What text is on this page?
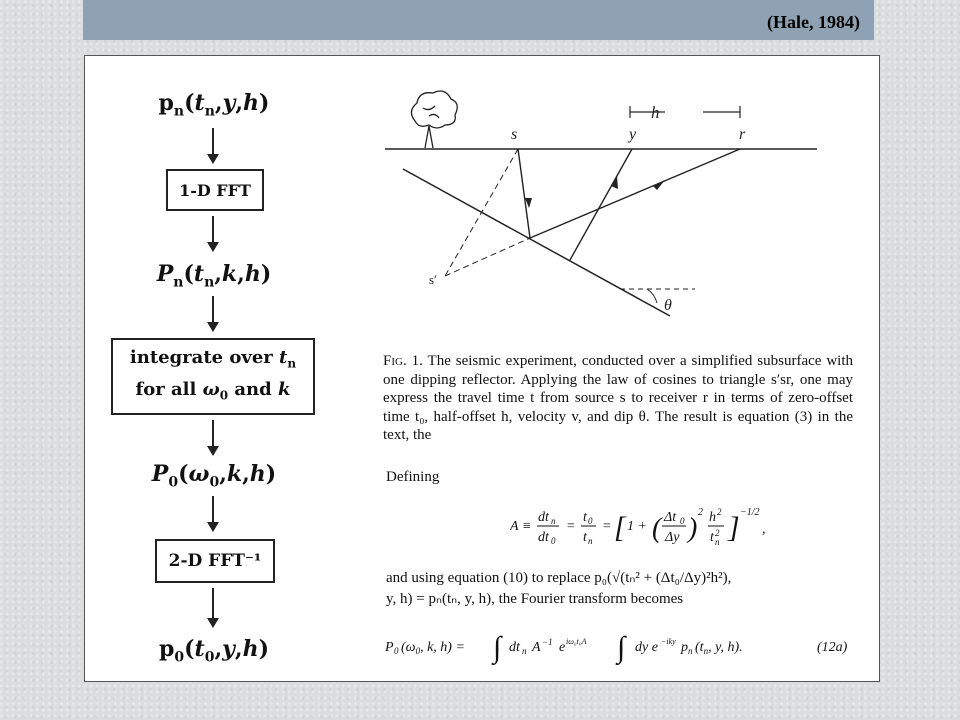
(Hale, 1984)
$p_n(t_n,y,h)$
1-D FFT
$P_n(t_n,k,h)$
integrate over $t_n$
for all $\omega_0$ and k
$P_0(\omega_0,k,h)$
2-D FFT⁻¹
$p_0(t_0,y,h)$
h
s	y	r
s′
θ
Fig. 1. The seismic experiment, conducted over a simplified subsurface with one dipping reflector. Applying the law of cosines to triangle s′sr, one may express the travel time t from source s to receiver r in terms of zero-offset time t₀, half-offset h, velocity v, and dip θ. The result is equation (3) in the text, the
Defining
A ≡
dt n
dt 0
=
t 0
t n
= [ 1 + ( Δt 0
Δy )
2 h 2
t 2
n ] −1/2
,
and using equation (10) to replace p₀(√(tₙ² + (Δt₀/Δy)²h²),
y, h) = pₙ(tₙ, y, h), the Fourier transform becomes
P 0 ($\omega_0$, k, h) = ∫ dt n A −1 e iω₀t₀A ∫ dy e −iky p n ($t_n$, y, h).	(12a)
